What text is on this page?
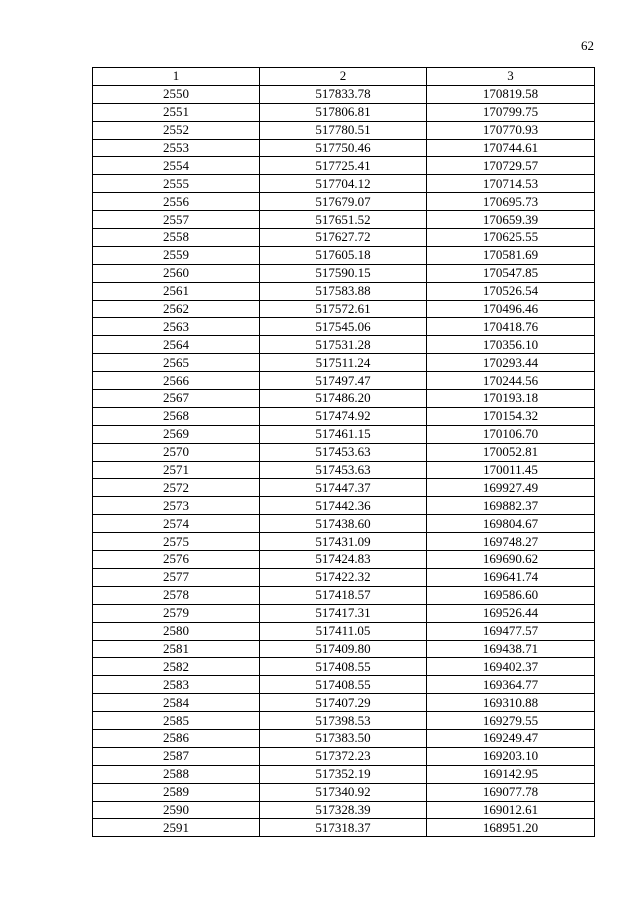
62
1	2	3
2550	517833.78	170819.58
2551	517806.81	170799.75
2552	517780.51	170770.93
2553	517750.46	170744.61
2554	517725.41	170729.57
2555	517704.12	170714.53
2556	517679.07	170695.73
2557	517651.52	170659.39
2558	517627.72	170625.55
2559	517605.18	170581.69
2560	517590.15	170547.85
2561	517583.88	170526.54
2562	517572.61	170496.46
2563	517545.06	170418.76
2564	517531.28	170356.10
2565	517511.24	170293.44
2566	517497.47	170244.56
2567	517486.20	170193.18
2568	517474.92	170154.32
2569	517461.15	170106.70
2570	517453.63	170052.81
2571	517453.63	170011.45
2572	517447.37	169927.49
2573	517442.36	169882.37
2574	517438.60	169804.67
2575	517431.09	169748.27
2576	517424.83	169690.62
2577	517422.32	169641.74
2578	517418.57	169586.60
2579	517417.31	169526.44
2580	517411.05	169477.57
2581	517409.80	169438.71
2582	517408.55	169402.37
2583	517408.55	169364.77
2584	517407.29	169310.88
2585	517398.53	169279.55
2586	517383.50	169249.47
2587	517372.23	169203.10
2588	517352.19	169142.95
2589	517340.92	169077.78
2590	517328.39	169012.61
2591	517318.37	168951.20
